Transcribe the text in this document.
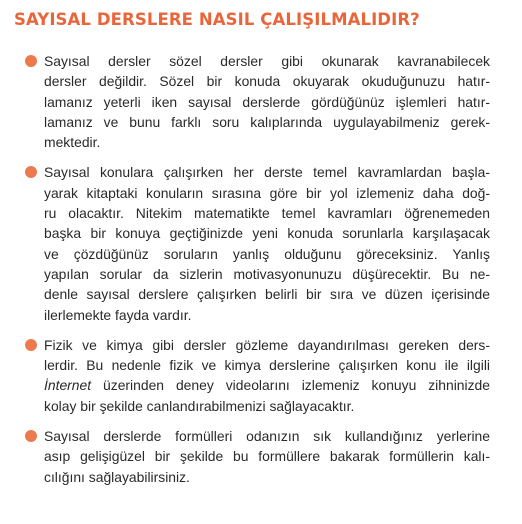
SAYISAL DERSLERE NASIL ÇALIŞILMALIDIR?
Sayısal dersler sözel dersler gibi okunarak kavranabilecek
dersler değildir. Sözel bir konuda okuyarak okuduğunuzu hatır-
lamanız yeterli iken sayısal derslerde gördüğünüz işlemleri hatır-
lamanız ve bunu farklı soru kalıplarında uygulayabilmeniz gerek-
mektedir.
Sayısal konulara çalışırken her derste temel kavramlardan başla-
yarak kitaptaki konuların sırasına göre bir yol izlemeniz daha doğ-
ru olacaktır. Nitekim matematikte temel kavramları öğrenemeden
başka bir konuya geçtiğinizde yeni konuda sorunlarla karşılaşacak
ve çözdüğünüz soruların yanlış olduğunu göreceksiniz. Yanlış
yapılan sorular da sizlerin motivasyonunuzu düşürecektir. Bu ne-
denle sayısal derslere çalışırken belirli bir sıra ve düzen içerisinde
ilerlemekte fayda vardır.
Fizik ve kimya gibi dersler gözleme dayandırılması gereken ders-
lerdir. Bu nedenle fizik ve kimya derslerine çalışırken konu ile ilgili
İnternet üzerinden deney videolarını izlemeniz konuyu zihninizde
kolay bir şekilde canlandırabilmenizi sağlayacaktır.
Sayısal derslerde formülleri odanızın sık kullandığınız yerlerine
asıp gelişigüzel bir şekilde bu formüllere bakarak formüllerin kalı-
cılığını sağlayabilirsiniz.
